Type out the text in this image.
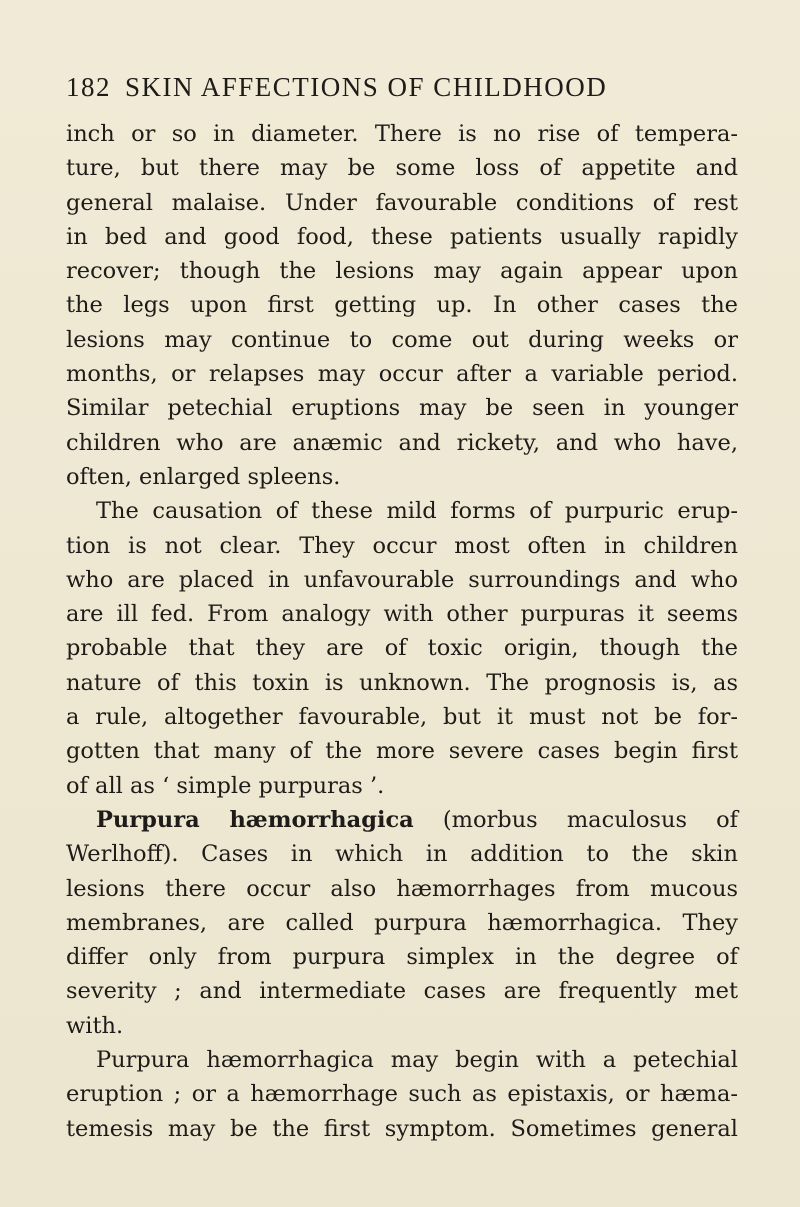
182 SKIN AFFECTIONS OF CHILDHOOD
inch or so in diameter. There is no rise of tempera-
ture, but there may be some loss of appetite and
general malaise. Under favourable conditions of rest
in bed and good food, these patients usually rapidly
recover; though the lesions may again appear upon
the legs upon first getting up. In other cases the
lesions may continue to come out during weeks or
months, or relapses may occur after a variable period.
Similar petechial eruptions may be seen in younger
children who are anæmic and rickety, and who have,
often, enlarged spleens.
The causation of these mild forms of purpuric erup-
tion is not clear. They occur most often in children
who are placed in unfavourable surroundings and who
are ill fed. From analogy with other purpuras it seems
probable that they are of toxic origin, though the
nature of this toxin is unknown. The prognosis is, as
a rule, altogether favourable, but it must not be for-
gotten that many of the more severe cases begin first
of all as ‘ simple purpuras ’.
Purpura hæmorrhagica (morbus maculosus of
Werlhoff). Cases in which in addition to the skin
lesions there occur also hæmorrhages from mucous
membranes, are called purpura hæmorrhagica. They
differ only from purpura simplex in the degree of
severity ; and intermediate cases are frequently met
with.
Purpura hæmorrhagica may begin with a petechial
eruption ; or a hæmorrhage such as epistaxis, or hæma-
temesis may be the first symptom. Sometimes general
